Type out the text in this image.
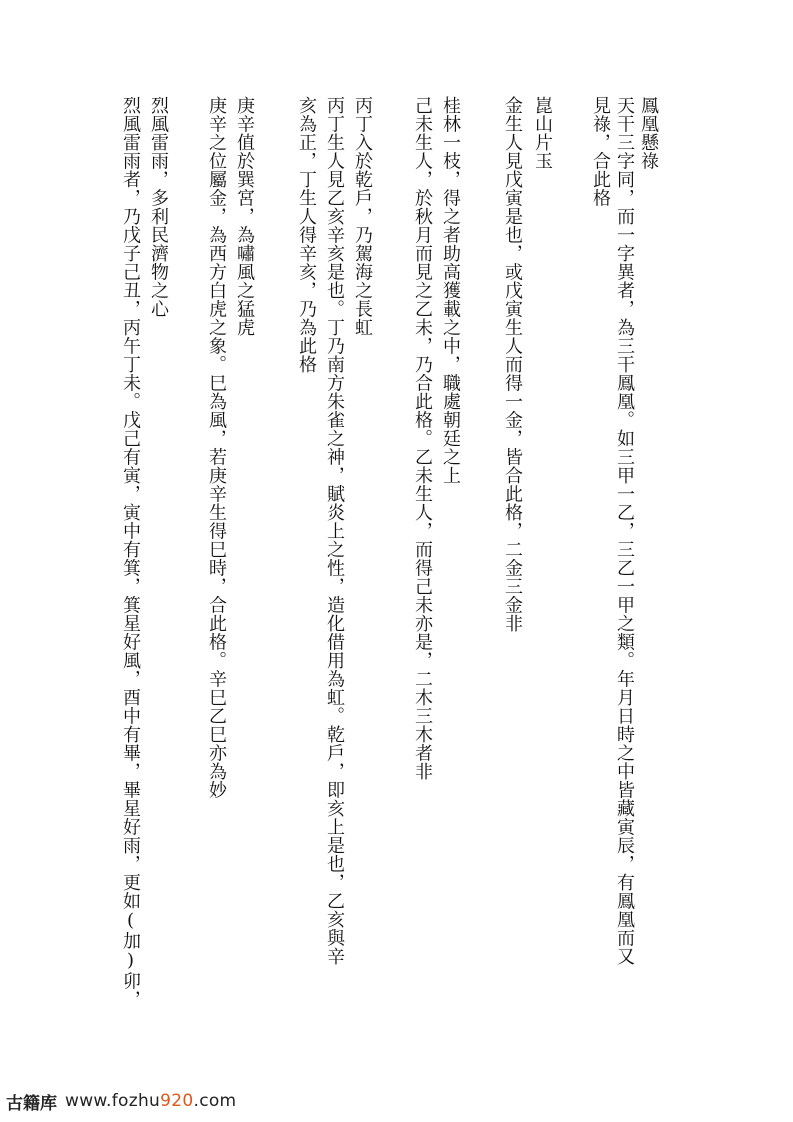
鳳凰懸祿
天干三字同，而一字異者，為三干鳳凰。如三甲一乙，三乙一甲之類。年月日時之中皆藏寅辰，有鳳凰而又
見祿，合此格
崑山片玉
金生人見戊寅是也，或戊寅生人而得一金，皆合此格，二金三金非
桂林一枝，得之者助高獲載之中，職處朝廷之上
己未生人，於秋月而見之乙未，乃合此格。乙未生人，而得己未亦是，二木三木者非
丙丁入於乾戶，乃駕海之長虹
丙丁生人見乙亥辛亥是也。丁乃南方朱雀之神，賦炎上之性，造化借用為虹。乾戶，即亥上是也，乙亥與辛
亥為正，丁生人得辛亥，乃為此格
庚辛值於巽宮，為嘯風之猛虎
庚辛之位屬金，為西方白虎之象。巳為風，若庚辛生得巳時，合此格。辛巳乙巳亦為妙
烈風雷雨，多利民濟物之心
烈風雷雨者，乃戊子己丑，丙午丁未。戊己有寅，寅中有箕，箕星好風，酉中有畢，畢星好雨，更如(加)卯，
古籍库 www.fozhu920.com
